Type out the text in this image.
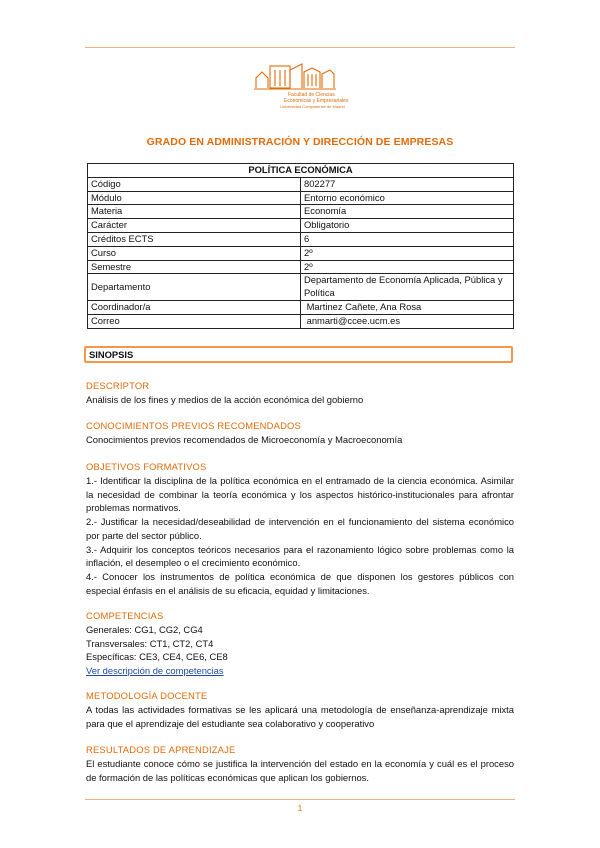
Facultad de Ciencias
Económicas y Empresariales
Universidad Complutense de Madrid
GRADO EN ADMINISTRACIÓN Y DIRECCIÓN DE EMPRESAS
POLÍTICA ECONÓMICA	
Código	802277
Módulo	Entorno económico
Materia	Economía
Carácter	Obligatorio
Créditos ECTS	6
Curso	2º
Semestre	2º
Departamento	Departamento de Economía Aplicada, Pública y Política
Coordinador/a	Martinez Cañete, Ana Rosa
Correo	anmarti@ccee.ucm.es
SINOPSIS
DESCRIPTOR
Análisis de los fines y medios de la acción económica del gobierno
CONOCIMIENTOS PREVIOS RECOMENDADOS
Conocimientos previos recomendados de Microeconomía y Macroeconomía
OBJETIVOS FORMATIVOS

1.- Identificar la disciplina de la política económica en el entramado de la ciencia económica. Asimilar la necesidad de combinar la teoría económica y los aspectos histórico-institucionales para afrontar problemas normativos.

2.- Justificar la necesidad/deseabilidad de intervención en el funcionamiento del sistema económico por parte del sector público.

3.- Adquirir los conceptos teóricos necesarios para el razonamiento lógico sobre problemas como la inflación, el desempleo o el crecimiento económico.

4.- Conocer los instrumentos de política económica de que disponen los gestores públicos con especial énfasis en el análisis de su eficacia, equidad y limitaciones.

COMPETENCIAS
Generales: CG1, CG2, CG4
Transversales: CT1, CT2, CT4
Específicas: CE3, CE4, CE6, CE8
Ver descripción de competencias
METODOLOGÍA DOCENTE
A todas las actividades formativas se les aplicará una metodología de enseñanza-aprendizaje mixta para que el aprendizaje del estudiante sea colaborativo y cooperativo
RESULTADOS DE APRENDIZAJE
El estudiante conoce cómo se justifica la intervención del estado en la economía y cuál es el proceso de formación de las políticas económicas que aplican los gobiernos.
1
